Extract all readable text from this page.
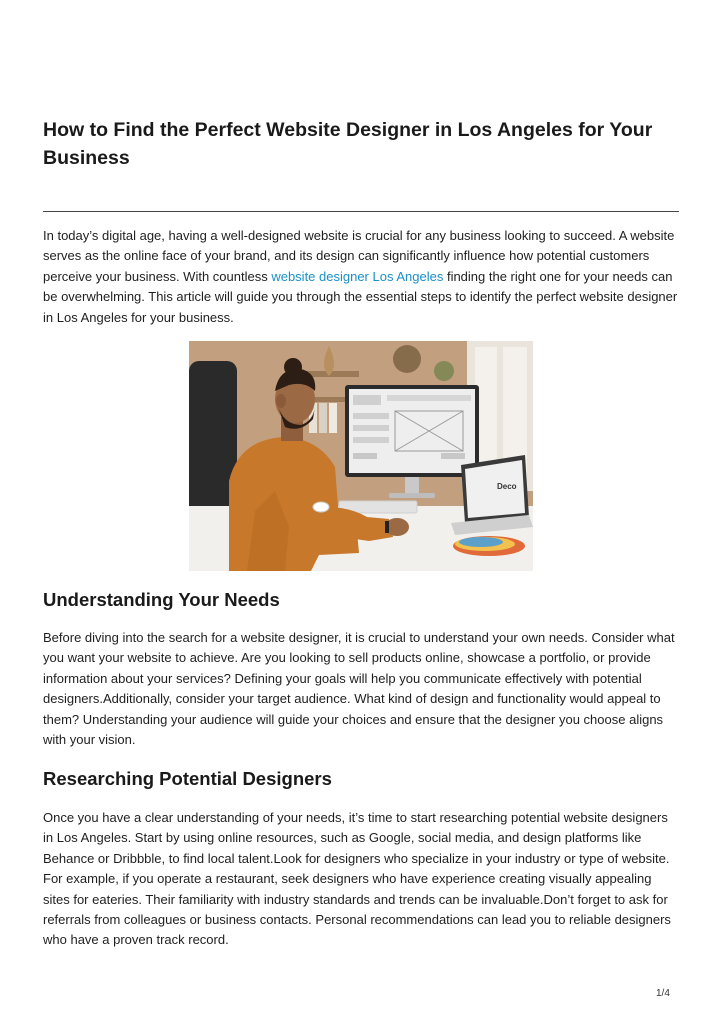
How to Find the Perfect Website Designer in Los Angeles for Your Business
In today’s digital age, having a well-designed website is crucial for any business looking to succeed. A website serves as the online face of your brand, and its design can significantly influence how potential customers perceive your business. With countless website designer Los Angeles finding the right one for your needs can be overwhelming. This article will guide you through the essential steps to identify the perfect website designer in Los Angeles for your business.
Deco
Understanding Your Needs
Before diving into the search for a website designer, it is crucial to understand your own needs. Consider what you want your website to achieve. Are you looking to sell products online, showcase a portfolio, or provide information about your services? Defining your goals will help you communicate effectively with potential designers.Additionally, consider your target audience. What kind of design and functionality would appeal to them? Understanding your audience will guide your choices and ensure that the designer you choose aligns with your vision.
Researching Potential Designers
Once you have a clear understanding of your needs, it’s time to start researching potential website designers in Los Angeles. Start by using online resources, such as Google, social media, and design platforms like Behance or Dribbble, to find local talent.Look for designers who specialize in your industry or type of website. For example, if you operate a restaurant, seek designers who have experience creating visually appealing sites for eateries. Their familiarity with industry standards and trends can be invaluable.Don’t forget to ask for referrals from colleagues or business contacts. Personal recommendations can lead you to reliable designers who have a proven track record.
1/4
